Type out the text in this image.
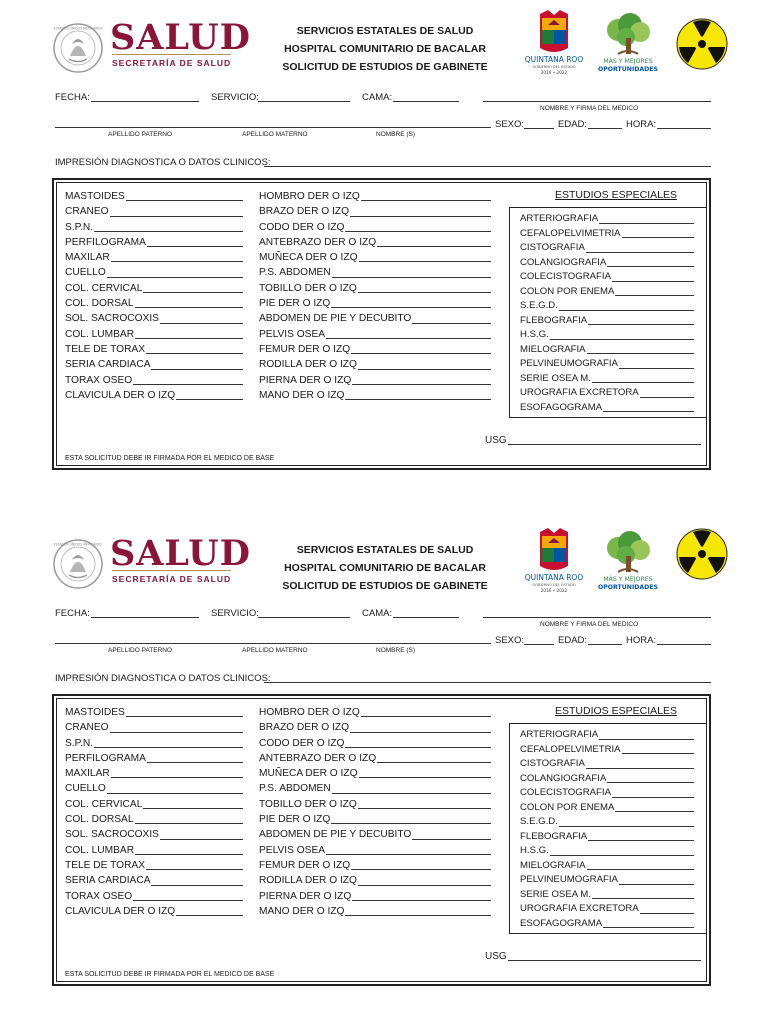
ESTADOS UNIDOS MEXICANOS SALUD
SECRETARÍA DE SALUD
SERVICIOS ESTATALES DE SALUD
HOSPITAL COMUNITARIO DE BACALAR
SOLICITUD DE ESTUDIOS DE GABINETE
QUINTANA ROO
GOBIERNO DEL ESTADO
2016 • 2022
MÁS Y MEJORES
OPORTUNIDADES
FECHA:	SERVICIO:	CAMA:
NOMBRE Y FIRMA DEL MEDICO
SEXO:	EDAD:	HORA:
APELLIDO PATERNO	APELLIDO MATERNO	NOMBRE (S)
IMPRESIÓN DIAGNOSTICA O DATOS CLINICOS:
MASTOIDES
CRANEO
S.P.N.
PERFILOGRAMA
MAXILAR
CUELLO
COL. CERVICAL
COL. DORSAL
SOL. SACROCOXIS
COL. LUMBAR
TELE DE TORAX
SERIA CARDIACA
TORAX OSEO
CLAVICULA DER O IZQ
HOMBRO DER O IZQ
BRAZO DER O IZQ
CODO DER O IZQ
ANTEBRAZO DER O IZQ
MUÑECA DER O IZQ
P.S. ABDOMEN
TOBILLO DER O IZQ
PIE DER O IZQ
ABDOMEN DE PIE Y DECUBITO
PELVIS OSEA
FEMUR DER O IZQ
RODILLA DER O IZQ
PIERNA DER O IZQ
MANO DER O IZQ
ESTUDIOS ESPECIALES
ARTERIOGRAFIA
CEFALOPELVIMETRIA
CISTOGRAFIA
COLANGIOGRAFIA
COLECISTOGRAFIA
COLON POR ENEMA
S.E.G.D.
FLEBOGRAFIA
H.S.G.
MIELOGRAFIA
PELVINEUMOGRAFIA
SERIE OSEA M.
UROGRAFIA EXCRETORA
ESOFAGOGRAMA
USG
ESTA SOLICITUD DEBE IR FIRMADA POR EL MEDICO DE BASE
ESTADOS UNIDOS MEXICANOS SALUD
SECRETARÍA DE SALUD
SERVICIOS ESTATALES DE SALUD
HOSPITAL COMUNITARIO DE BACALAR
SOLICITUD DE ESTUDIOS DE GABINETE
QUINTANA ROO
GOBIERNO DEL ESTADO
2016 • 2022
MÁS Y MEJORES
OPORTUNIDADES
FECHA:	SERVICIO:	CAMA:
NOMBRE Y FIRMA DEL MEDICO
SEXO:	EDAD:	HORA:
APELLIDO PATERNO	APELLIDO MATERNO	NOMBRE (S)
IMPRESIÓN DIAGNOSTICA O DATOS CLINICOS:
MASTOIDES
CRANEO
S.P.N.
PERFILOGRAMA
MAXILAR
CUELLO
COL. CERVICAL
COL. DORSAL
SOL. SACROCOXIS
COL. LUMBAR
TELE DE TORAX
SERIA CARDIACA
TORAX OSEO
CLAVICULA DER O IZQ
HOMBRO DER O IZQ
BRAZO DER O IZQ
CODO DER O IZQ
ANTEBRAZO DER O IZQ
MUÑECA DER O IZQ
P.S. ABDOMEN
TOBILLO DER O IZQ
PIE DER O IZQ
ABDOMEN DE PIE Y DECUBITO
PELVIS OSEA
FEMUR DER O IZQ
RODILLA DER O IZQ
PIERNA DER O IZQ
MANO DER O IZQ
ESTUDIOS ESPECIALES
ARTERIOGRAFIA
CEFALOPELVIMETRIA
CISTOGRAFIA
COLANGIOGRAFIA
COLECISTOGRAFIA
COLON POR ENEMA
S.E.G.D.
FLEBOGRAFIA
H.S.G.
MIELOGRAFIA
PELVINEUMOGRAFIA
SERIE OSEA M.
UROGRAFIA EXCRETORA
ESOFAGOGRAMA
USG
ESTA SOLICITUD DEBE IR FIRMADA POR EL MEDICO DE BASE
